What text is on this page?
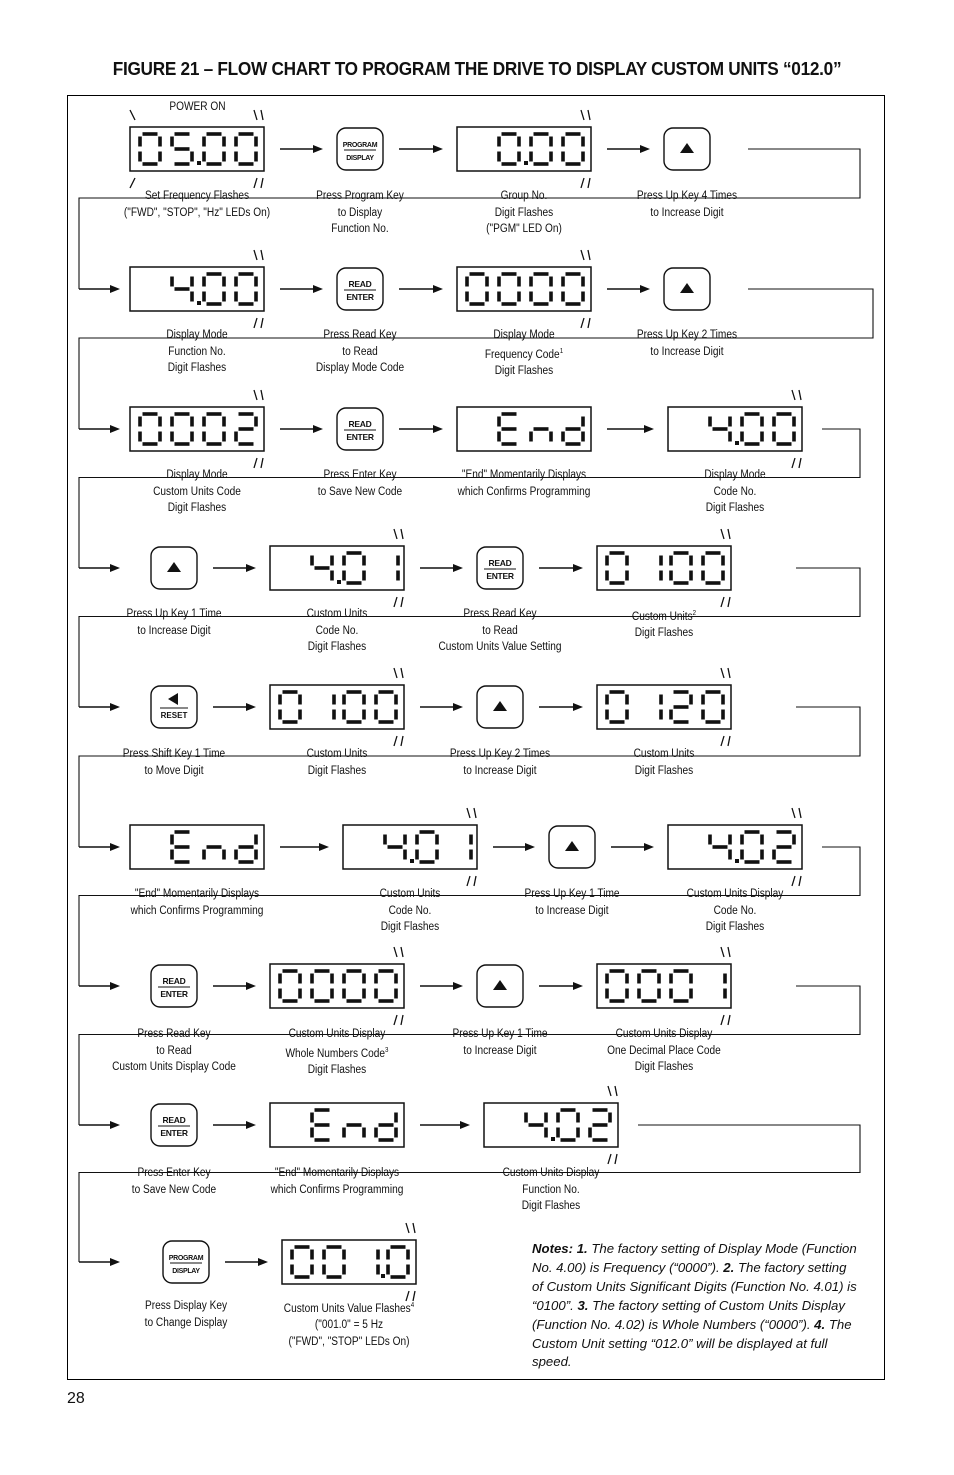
FIGURE 21 – FLOW CHART TO PROGRAM THE DRIVE TO DISPLAY CUSTOM UNITS “012.0”
POWER ON
PROGRAM
DISPLAY
READ
ENTER
READ
ENTER
READ
ENTER
RESET
READ
ENTER
READ
ENTER
PROGRAM
DISPLAY
Set Frequency Flashes
("FWD", "STOP", "Hz" LEDs On)
Press Program Key
to Display
Function No.
Group No.
Digit Flashes
("PGM" LED On)
Press Up Key 4 Times
to Increase Digit
Display Mode
Function No.
Digit Flashes
Press Read Key
to Read
Display Mode Code
Display Mode
Frequency Code$^1$
Digit Flashes
Press Up Key 2 Times
to Increase Digit
Display Mode
Custom Units Code
Digit Flashes
Press Enter Key
to Save New Code
"End" Momentarily Displays
which Confirms Programming
Display Mode
Code No.
Digit Flashes
Press Up Key 1 Time
to Increase Digit
Custom Units
Code No.
Digit Flashes
Press Read Key
to Read
Custom Units Value Setting
Custom Units$^2$
Digit Flashes
Press Shift Key 1 Time
to Move Digit
Custom Units
Digit Flashes
Press Up Key 2 Times
to Increase Digit
Custom Units
Digit Flashes
"End" Momentarily Displays
which Confirms Programming
Custom Units
Code No.
Digit Flashes
Press Up Key 1 Time
to Increase Digit
Custom Units Display
Code No.
Digit Flashes
Press Read Key
to Read
Custom Units Display Code
Custom Units Display
Whole Numbers Code$^3$
Digit Flashes
Press Up Key 1 Time
to Increase Digit
Custom Units Display
One Decimal Place Code
Digit Flashes
Press Enter Key
to Save New Code
"End" Momentarily Displays
which Confirms Programming
Custom Units Display
Function No.
Digit Flashes
Press Display Key
to Change Display
Custom Units Value Flashes$^4$
("001.0" = 5 Hz
("FWD", "STOP" LEDs On)
Notes: 1. The factory setting of Display Mode (Function No. 4.00) is Frequency (“0000”). 2. The factory setting of Custom Units Significant Digits (Function No. 4.01) is “0100”. 3. The factory setting of Custom Units Display (Function No. 4.02) is Whole Numbers (“0000”). 4. The Custom Unit setting “012.0” will be displayed at full speed.
28
